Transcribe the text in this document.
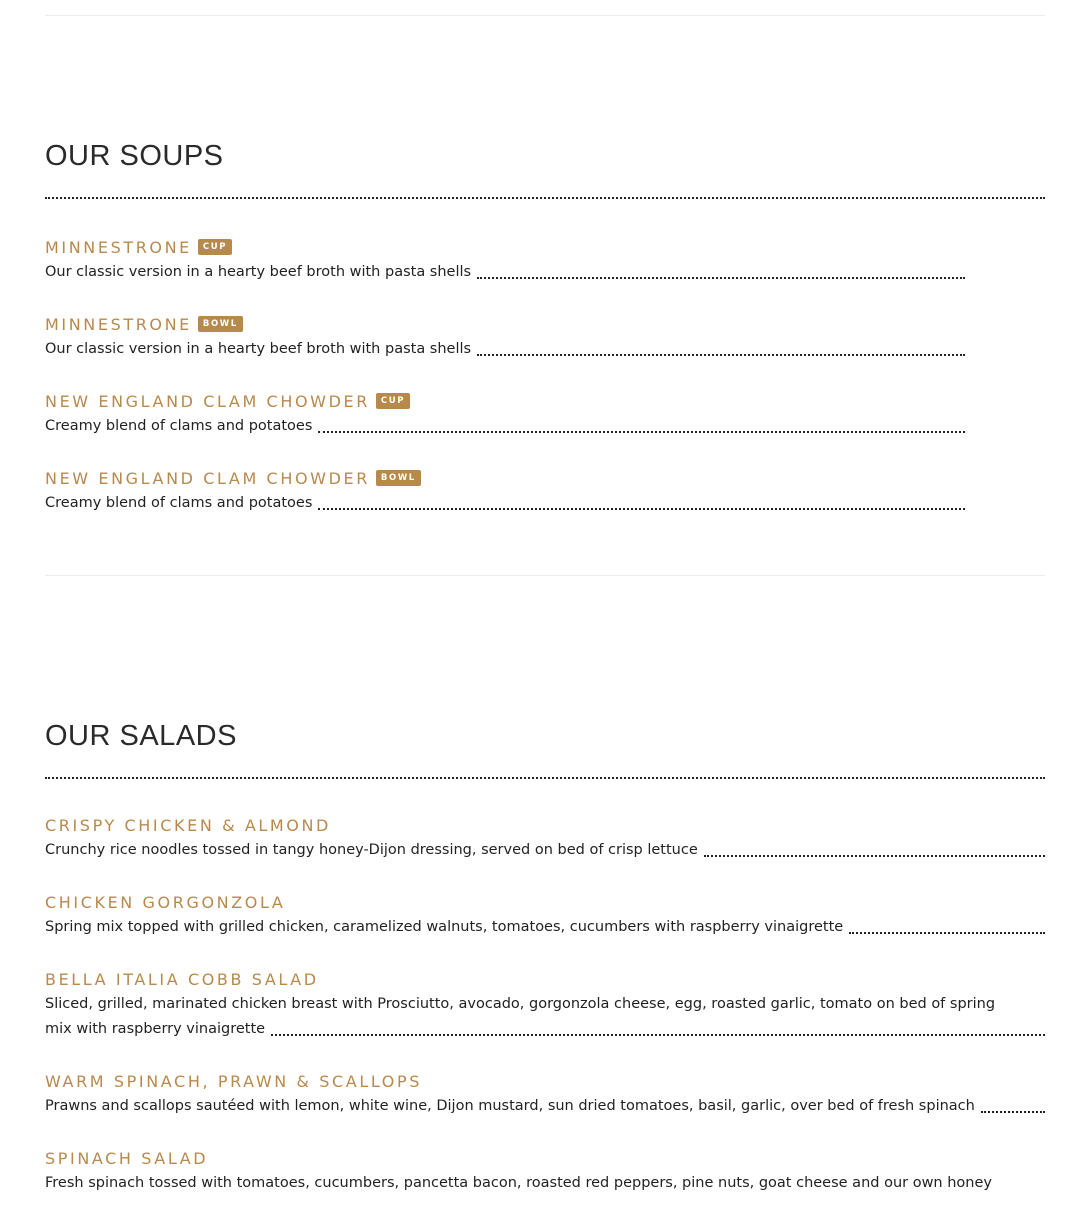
OUR SOUPS
MINNESTRONE	CUP
Our classic version in a hearty beef broth with pasta shells
MINNESTRONE	BOWL
Our classic version in a hearty beef broth with pasta shells
NEW ENGLAND CLAM CHOWDER	CUP
Creamy blend of clams and potatoes
NEW ENGLAND CLAM CHOWDER	BOWL
Creamy blend of clams and potatoes
OUR SALADS
CRISPY CHICKEN & ALMOND
Crunchy rice noodles tossed in tangy honey-Dijon dressing, served on bed of crisp lettuce
CHICKEN GORGONZOLA
Spring mix topped with grilled chicken, caramelized walnuts, tomatoes, cucumbers with raspberry vinaigrette
BELLA ITALIA COBB SALAD
Sliced, grilled, marinated chicken breast with Prosciutto, avocado, gorgonzola cheese, egg, roasted garlic, tomato on bed of spring
mix with raspberry vinaigrette
WARM SPINACH, PRAWN & SCALLOPS
Prawns and scallops sautéed with lemon, white wine, Dijon mustard, sun dried tomatoes, basil, garlic, over bed of fresh spinach
SPINACH SALAD
Fresh spinach tossed with tomatoes, cucumbers, pancetta bacon, roasted red peppers, pine nuts, goat cheese and our own honey
